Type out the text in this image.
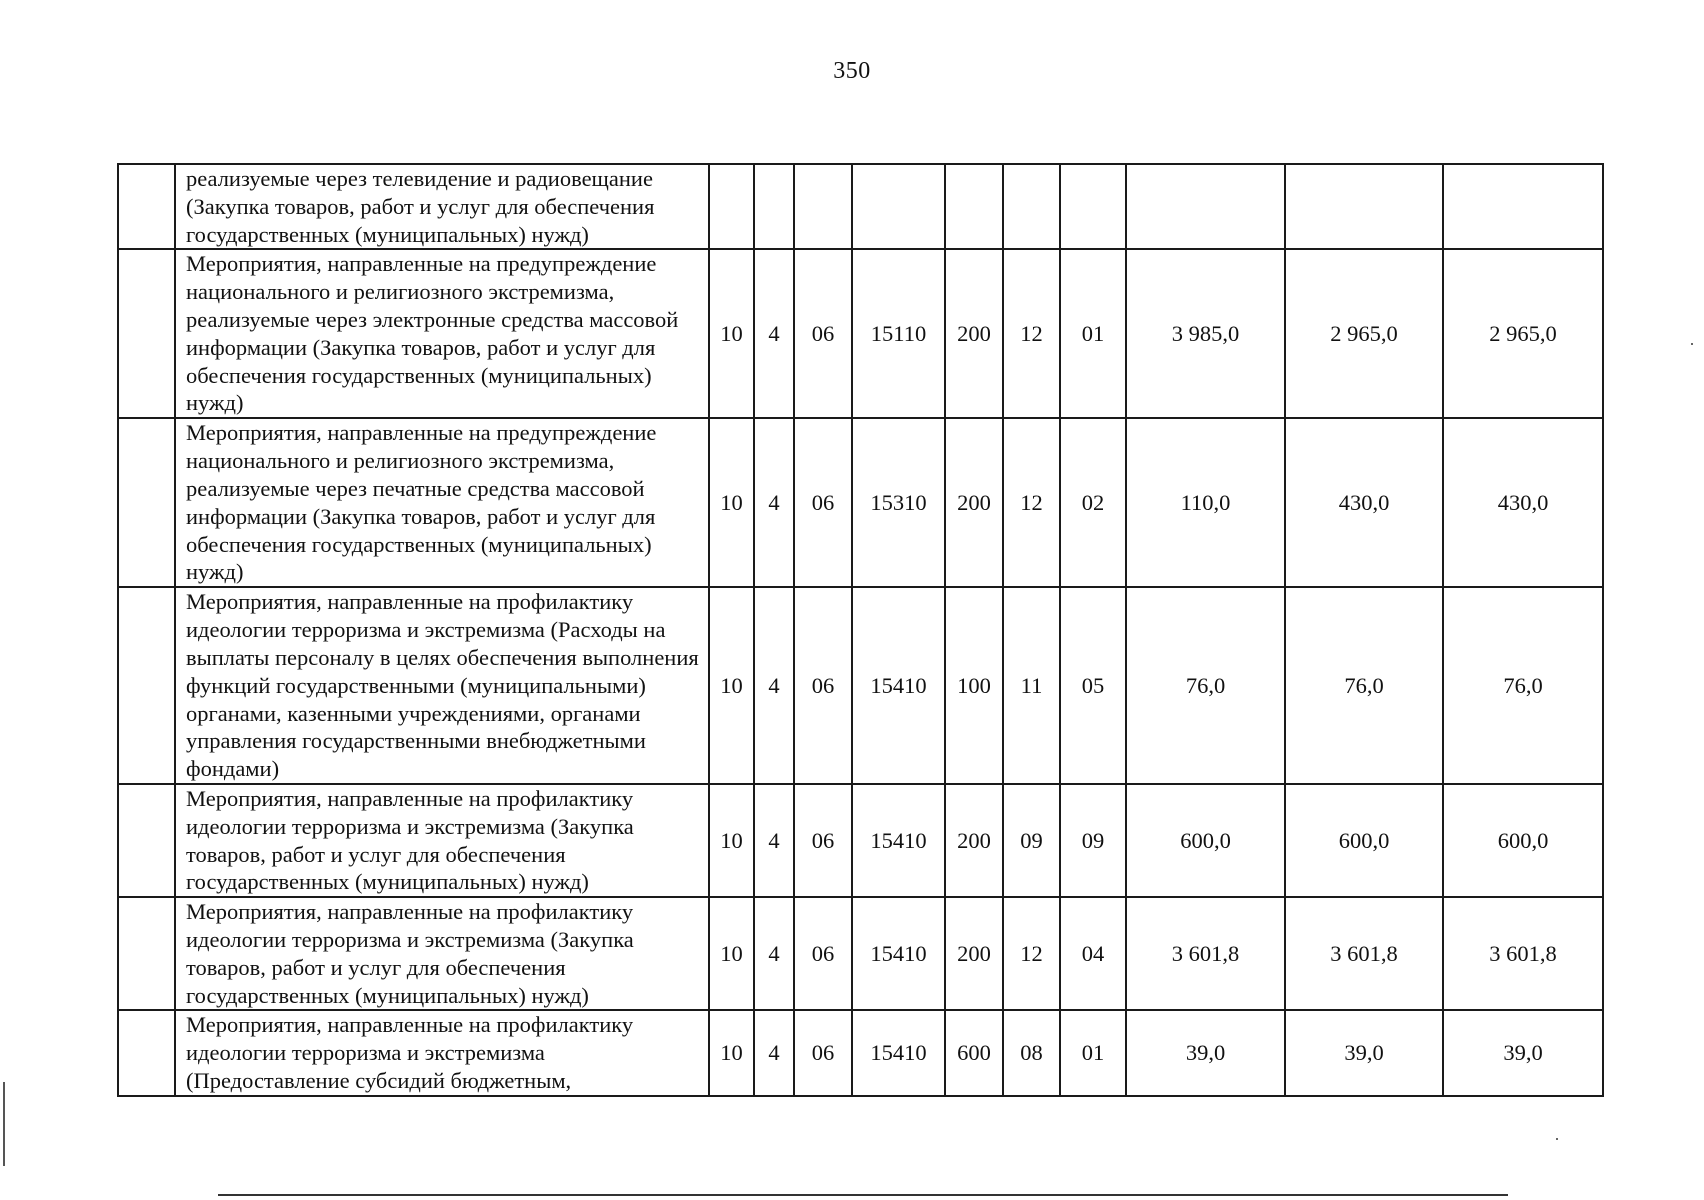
350
	реализуемые через телевидение и радиовещание (Закупка товаров, работ и услуг для обеспечения государственных (муниципальных) нужд)										
	Мероприятия, направленные на предупреждение национального и религиозного экстремизма, реализуемые через электронные средства массовой информации (Закупка товаров, работ и услуг для обеспечения государственных (муниципальных) нужд)	10	4	06	15110	200	12	01	3 985,0	2 965,0	2 965,0
	Мероприятия, направленные на предупреждение национального и религиозного экстремизма, реализуемые через печатные средства массовой информации (Закупка товаров, работ и услуг для обеспечения государственных (муниципальных) нужд)	10	4	06	15310	200	12	02	110,0	430,0	430,0
	Мероприятия, направленные на профилактику идеологии терроризма и экстремизма (Расходы на выплаты персоналу в целях обеспечения выполнения функций государственными (муниципальными) органами, казенными учреждениями, органами управления государственными внебюджетными фондами)	10	4	06	15410	100	11	05	76,0	76,0	76,0
	Мероприятия, направленные на профилактику идеологии терроризма и экстремизма (Закупка товаров, работ и услуг для обеспечения государственных (муниципальных) нужд)	10	4	06	15410	200	09	09	600,0	600,0	600,0
	Мероприятия, направленные на профилактику идеологии терроризма и экстремизма (Закупка товаров, работ и услуг для обеспечения государственных (муниципальных) нужд)	10	4	06	15410	200	12	04	3 601,8	3 601,8	3 601,8
	Мероприятия, направленные на профилактику идеологии терроризма и экстремизма (Предоставление субсидий бюджетным,	10	4	06	15410	600	08	01	39,0	39,0	39,0
